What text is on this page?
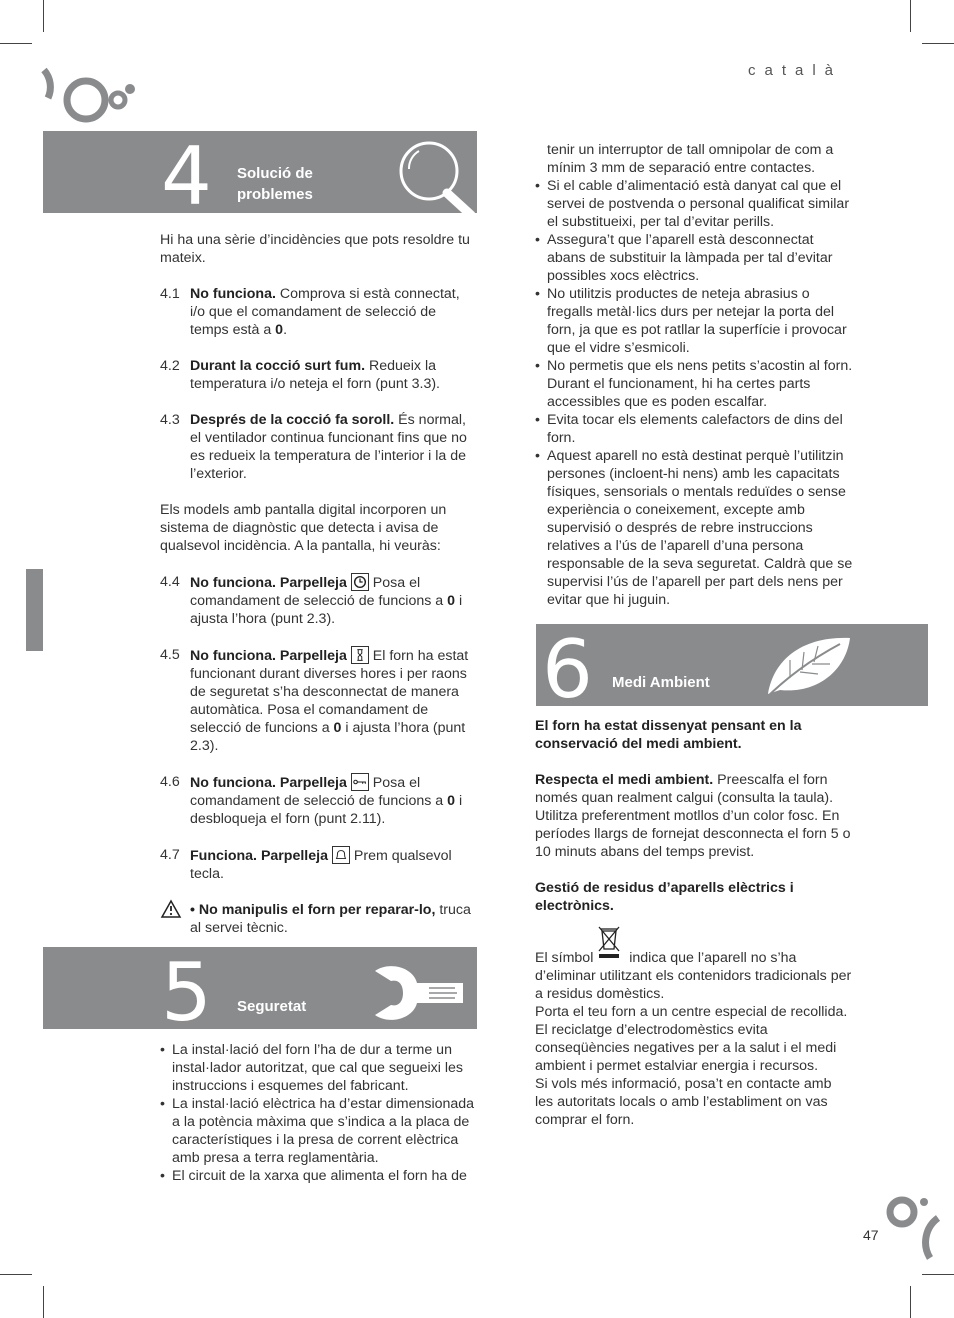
català
4 Solució de
problemes

Hi ha una sèrie d’incidències que pots resoldre tu mateix.

4.1 No funciona. Comprova si està connectat, i/o que el comandament de selecció de temps està a 0.
4.2 Durant la cocció surt fum. Redueix la temperatura i/o neteja el forn (punt 3.3).
4.3 Després de la cocció fa soroll. És normal, el ventilador continua funcionant fins que no es redueix la temperatura de l’interior i la de l’exterior.

Els models amb pantalla digital incorporen un sistema de diagnòstic que detecta i avisa de qualsevol incidència. A la pantalla, hi veuràs:

4.4 No funciona. Parpelleja  Posa el comandament de selecció de funcions a 0 i ajusta l’hora (punt 2.3).
4.5 No funciona. Parpelleja  El forn ha estat funcionant durant diverses hores i per raons de seguretat s’ha desconnectat de manera automàtica. Posa el comandament de selecció de funcions a 0 i ajusta l’hora (punt 2.3).
4.6 No funciona. Parpelleja  Posa el comandament de selecció de funcions a 0 i desbloqueja el forn (punt 2.11).
4.7 Funciona. Parpelleja  Prem qualsevol tecla.
• No manipulis el forn per reparar-lo, truca al servei tècnic.
5 Seguretat
• La instal·lació del forn l’ha de dur a terme un instal·lador autoritzat, que cal que segueixi les instruccions i esquemes del fabricant.
• La instal·lació elèctrica ha d’estar dimensionada a la potència màxima que s’indica a la placa de característiques i la presa de corrent elèctrica amb presa a terra reglamentària.
• El circuit de la xarxa que alimenta el forn ha de

tenir un interruptor de tall omnipolar de com a mínim 3 mm de separació entre contactes.

• Si el cable d’alimentació està danyat cal que el servei de postvenda o personal qualificat similar el substitueixi, per tal d’evitar perills.
• Assegura’t que l’aparell està desconnectat abans de substituir la làmpada per tal d’evitar possibles xocs elèctrics.
• No utilitzis productes de neteja abrasius o fregalls metàl·lics durs per netejar la porta del forn, ja que es pot ratllar la superfície i provocar que el vidre s’esmicoli.
• No permetis que els nens petits s’acostin al forn. Durant el funcionament, hi ha certes parts accessibles que es poden escalfar.
• Evita tocar els elements calefactors de dins del forn.
• Aquest aparell no està destinat perquè l’utilitzin persones (incloent-hi nens) amb les capacitats físiques, sensorials o mentals reduïdes o sense experiència o coneixement, excepte amb supervisió o després de rebre instruccions relatives a l’ús de l’aparell d’una persona responsable de la seva seguretat. Caldrà que se supervisi l’ús de l’aparell per part dels nens per evitar que hi juguin.
6 Medi Ambient

El forn ha estat dissenyat pensant en la conservació del medi ambient.

Respecta el medi ambient. Preescalfa el forn només quan realment calgui (consulta la taula). Utilitza preferentment motllos d’un color fosc. En períodes llargs de fornejat desconnecta el forn 5 o 10 minuts abans del temps previst.

Gestió de residus d’aparells elèctrics i electrònics.

El símbol
indica que l’aparell no s’ha d’eliminar utilitzant els contenidors tradicionals per a residus domèstics.

Porta el teu forn a un centre especial de recollida.

El reciclatge d’electrodomèstics evita conseqüències negatives per a la salut i el medi ambient i permet estalviar energia i recursos.

Si vols més informació, posa’t en contacte amb les autoritats locals o amb l’establiment on vas comprar el forn.

47
